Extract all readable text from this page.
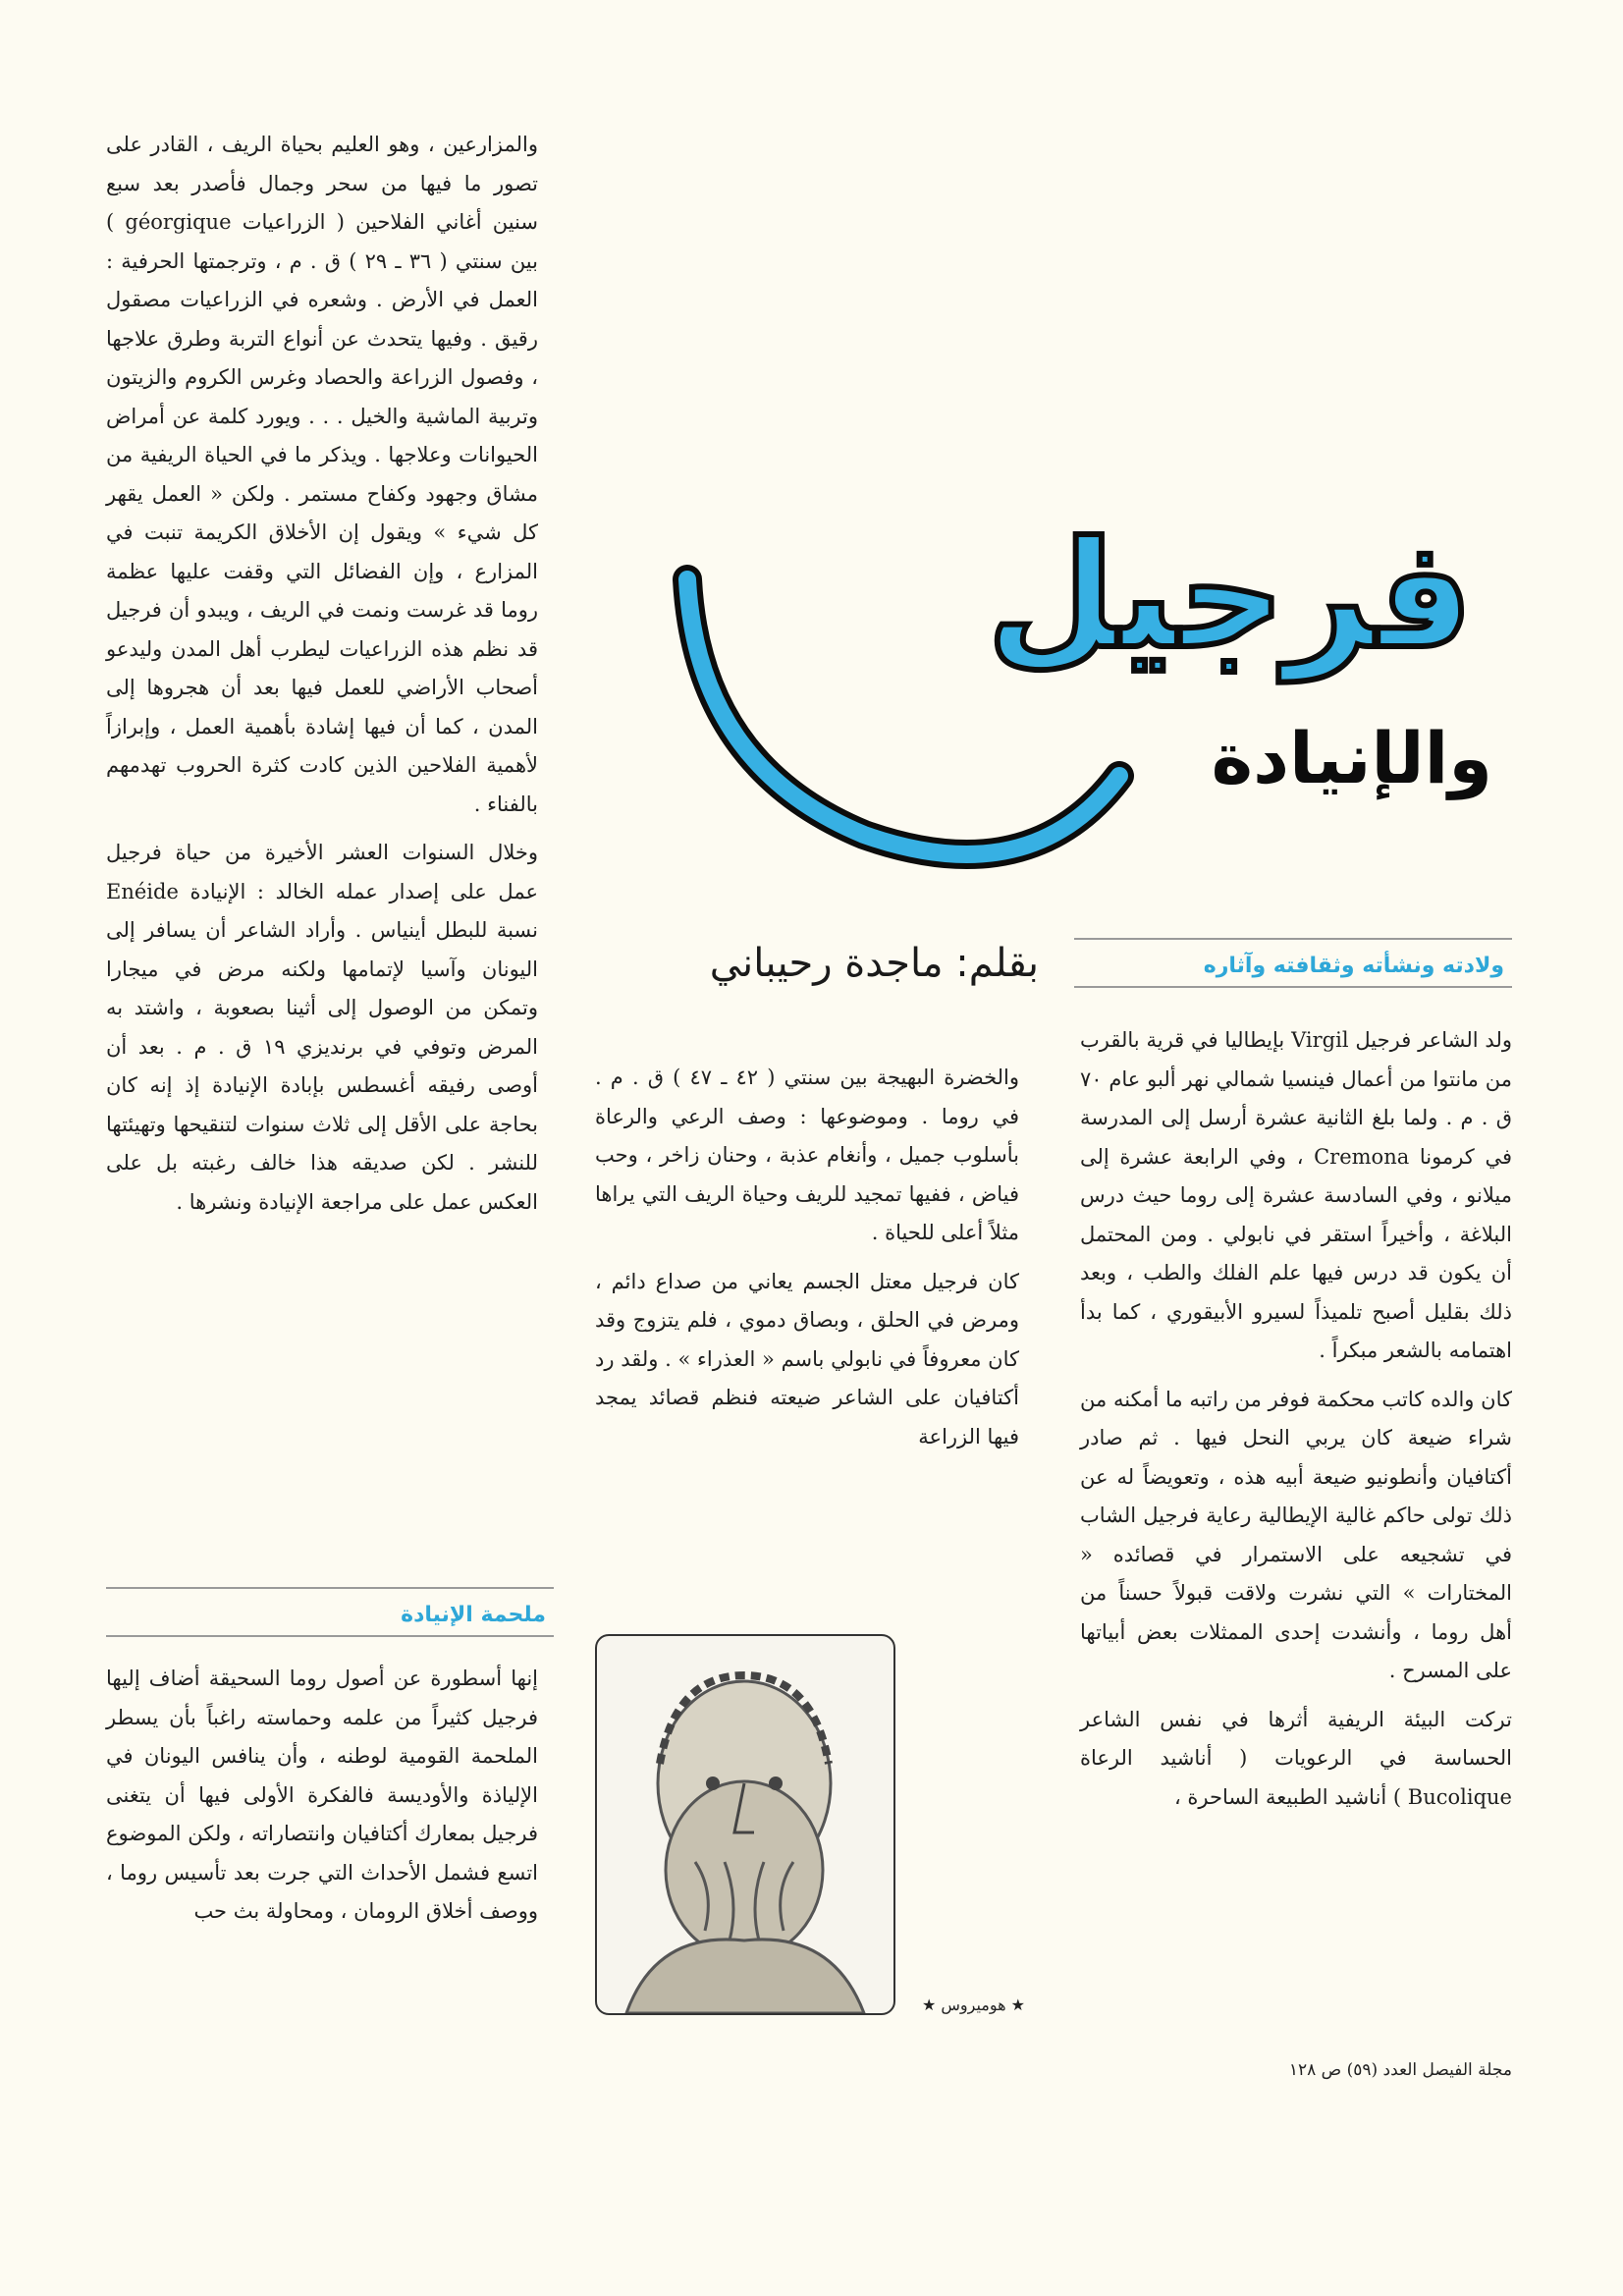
فرجيل
والإنيادة
بقلم: ماجدة رحيباني	ولادته ونشأته وثقافته وآثاره
ملحمة الإنيادة

والمزارعين ، وهو العليم بحياة الريف ، القادر على تصور ما فيها من سحر وجمال فأصدر بعد سبع سنين أغاني الفلاحين ( الزراعيات géorgique ) بين سنتي ( ٣٦ ـ ٢٩ ) ق . م ، وترجمتها الحرفية : العمل في الأرض . وشعره في الزراعيات مصقول رقيق . وفيها يتحدث عن أنواع التربة وطرق علاجها ، وفصول الزراعة والحصاد وغرس الكروم والزيتون وتربية الماشية والخيل . . . ويورد كلمة عن أمراض الحيوانات وعلاجها . ويذكر ما في الحياة الريفية من مشاق وجهود وكفاح مستمر . ولكن « العمل يقهر كل شيء » ويقول إن الأخلاق الكريمة تنبت في المزارع ، وإن الفضائل التي وقفت عليها عظمة روما قد غرست ونمت في الريف ، ويبدو أن فرجيل قد نظم هذه الزراعيات ليطرب أهل المدن وليدعو أصحاب الأراضي للعمل فيها بعد أن هجروها إلى المدن ، كما أن فيها إشادة بأهمية العمل ، وإبرازاً لأهمية الفلاحين الذين كادت كثرة الحروب تهدمهم بالفناء .

وخلال السنوات العشر الأخيرة من حياة فرجيل عمل على إصدار عمله الخالد : الإنيادة Enéide نسبة للبطل أينياس . وأراد الشاعر أن يسافر إلى اليونان وآسيا لإتمامها ولكنه مرض في ميجارا وتمكن من الوصول إلى أثينا بصعوبة ، واشتد به المرض وتوفي في برنديزي ١٩ ق . م . بعد أن أوصى رفيقه أغسطس بإبادة الإنيادة إذ إنه كان بحاجة على الأقل إلى ثلاث سنوات لتنقيحها وتهيئتها للنشر . لكن صديقه هذا خالف رغبته بل على العكس عمل على مراجعة الإنيادة ونشرها .

إنها أسطورة عن أصول روما السحيقة أضاف إليها فرجيل كثيراً من علمه وحماسته راغباً بأن يسطر الملحمة القومية لوطنه ، وأن ينافس اليونان في الإلياذة والأوديسة فالفكرة الأولى فيها أن يتغنى فرجيل بمعارك أكتافيان وانتصاراته ، ولكن الموضوع اتسع فشمل الأحداث التي جرت بعد تأسيس روما ، ووصف أخلاق الرومان ، ومحاولة بث حب

والخضرة البهيجة بين سنتي ( ٤٢ ـ ٤٧ ) ق . م . في روما . وموضوعها : وصف الرعي والرعاة بأسلوب جميل ، وأنغام عذبة ، وحنان زاخر ، وحب فياض ، ففيها تمجيد للريف وحياة الريف التي يراها مثلاً أعلى للحياة .

كان فرجيل معتل الجسم يعاني من صداع دائم ، ومرض في الحلق ، وبصاق دموي ، فلم يتزوج وقد كان معروفاً في نابولي باسم « العذراء » . ولقد رد أكتافيان على الشاعر ضيعته فنظم قصائد يمجد فيها الزراعة

ولد الشاعر فرجيل Virgil بإيطاليا في قرية بالقرب من مانتوا من أعمال فينسيا شمالي نهر ألبو عام ٧٠ ق . م . ولما بلغ الثانية عشرة أرسل إلى المدرسة في كرمونا Cremona ، وفي الرابعة عشرة إلى ميلانو ، وفي السادسة عشرة إلى روما حيث درس البلاغة ، وأخيراً استقر في نابولي . ومن المحتمل أن يكون قد درس فيها علم الفلك والطب ، وبعد ذلك بقليل أصبح تلميذاً لسيرو الأبيقوري ، كما بدأ اهتمامه بالشعر مبكراً .

كان والده كاتب محكمة فوفر من راتبه ما أمكنه من شراء ضيعة كان يربي النحل فيها . ثم صادر أكتافيان وأنطونيو ضيعة أبيه هذه ، وتعويضاً له عن ذلك تولى حاكم غالية الإيطالية رعاية فرجيل الشاب في تشجيعه على الاستمرار في قصائده « المختارات » التي نشرت ولاقت قبولاً حسناً من أهل روما ، وأنشدت إحدى الممثلات بعض أبياتها على المسرح .

تركت البيئة الريفية أثرها في نفس الشاعر الحساسة في الرعويات ( أناشيد الرعاة Bucolique ) أناشيد الطبيعة الساحرة ،

★ هوميروس ★
مجلة الفيصل العدد (٥٩) ص ١٢٨
